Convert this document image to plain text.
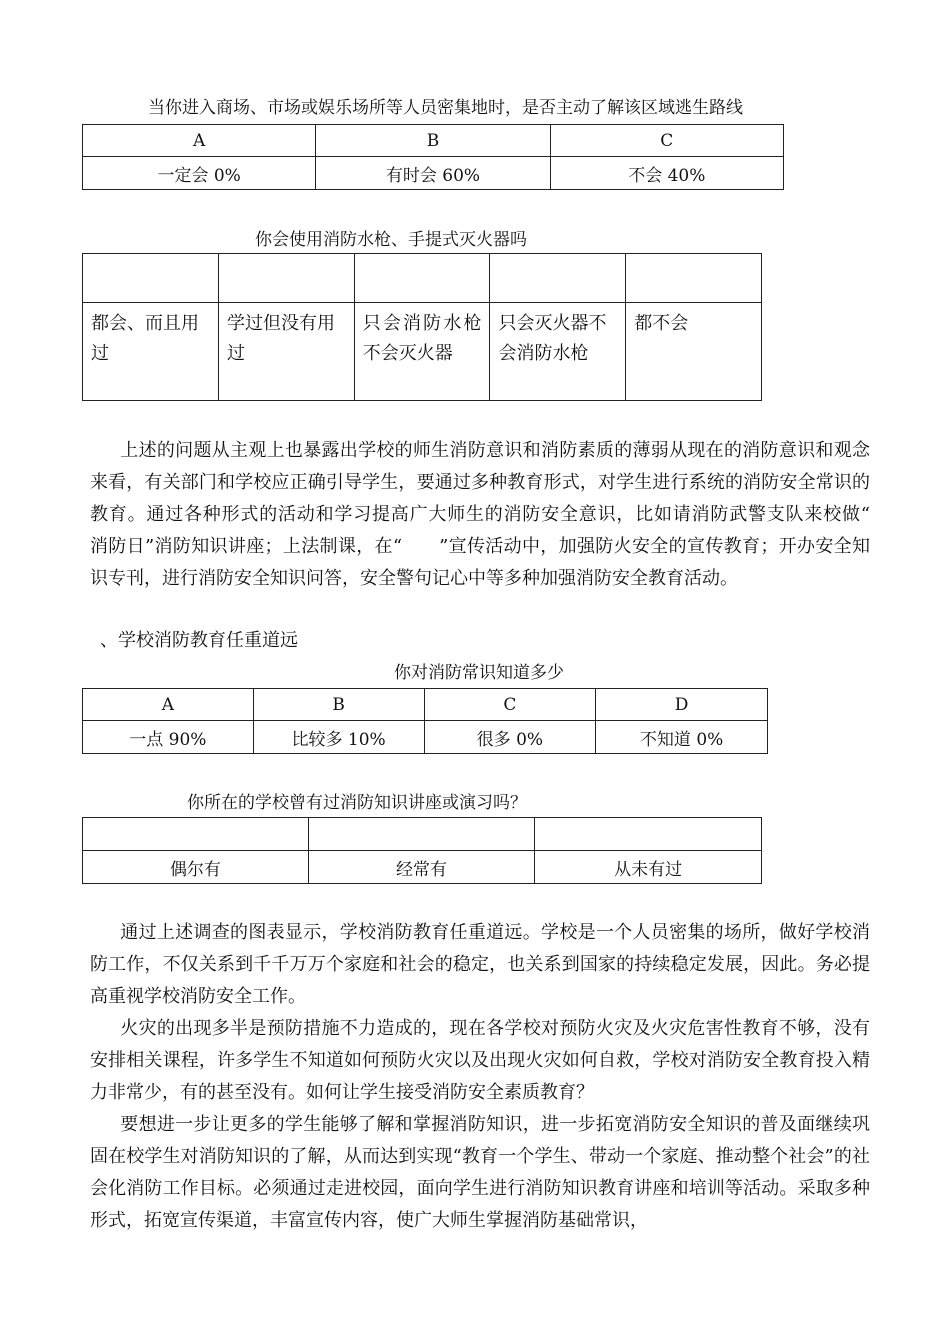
当你进入商场、市场或娱乐场所等人员密集地时，是否主动了解该区域逃生路线
A	B	C
一定会 0%	有时会 60%	不会 40%
你会使用消防水枪、手提式灭火器吗

都会、而且用过	学过但没有用过	只会消防水枪不会灭火器	只会灭火器不会消防水枪	都不会

上述的问题从主观上也暴露出学校的师生消防意识和消防素质的薄弱从现在的消防意识和观念来看，有关部门和学校应正确引导学生，要通过多种教育形式，对学生进行系统的消防安全常识的教育。通过各种形式的活动和学习提高广大师生的消防安全意识，比如请消防武警支队来校做“　　消防日”消防知识讲座；上法制课，在“　　”宣传活动中，加强防火安全的宣传教育；开办安全知识专刊，进行消防安全知识问答，安全警句记心中等多种加强消防安全教育活动。

、学校消防教育任重道远
你对消防常识知道多少
A	B	C	D
一点 90%	比较多 10%	很多 0%	不知道 0%
你所在的学校曾有过消防知识讲座或演习吗？

偶尔有	经常有	从未有过

通过上述调查的图表显示，学校消防教育任重道远。学校是一个人员密集的场所，做好学校消防工作，不仅关系到千千万万个家庭和社会的稳定，也关系到国家的持续稳定发展，因此。务必提高重视学校消防安全工作。

火灾的出现多半是预防措施不力造成的，现在各学校对预防火灾及火灾危害性教育不够，没有安排相关课程，许多学生不知道如何预防火灾以及出现火灾如何自救，学校对消防安全教育投入精力非常少，有的甚至没有。如何让学生接受消防安全素质教育？

要想进一步让更多的学生能够了解和掌握消防知识，进一步拓宽消防安全知识的普及面继续巩固在校学生对消防知识的了解，从而达到实现“教育一个学生、带动一个家庭、推动整个社会”的社会化消防工作目标。必须通过走进校园，面向学生进行消防知识教育讲座和培训等活动。采取多种形式，拓宽宣传渠道，丰富宣传内容，使广大师生掌握消防基础常识，
